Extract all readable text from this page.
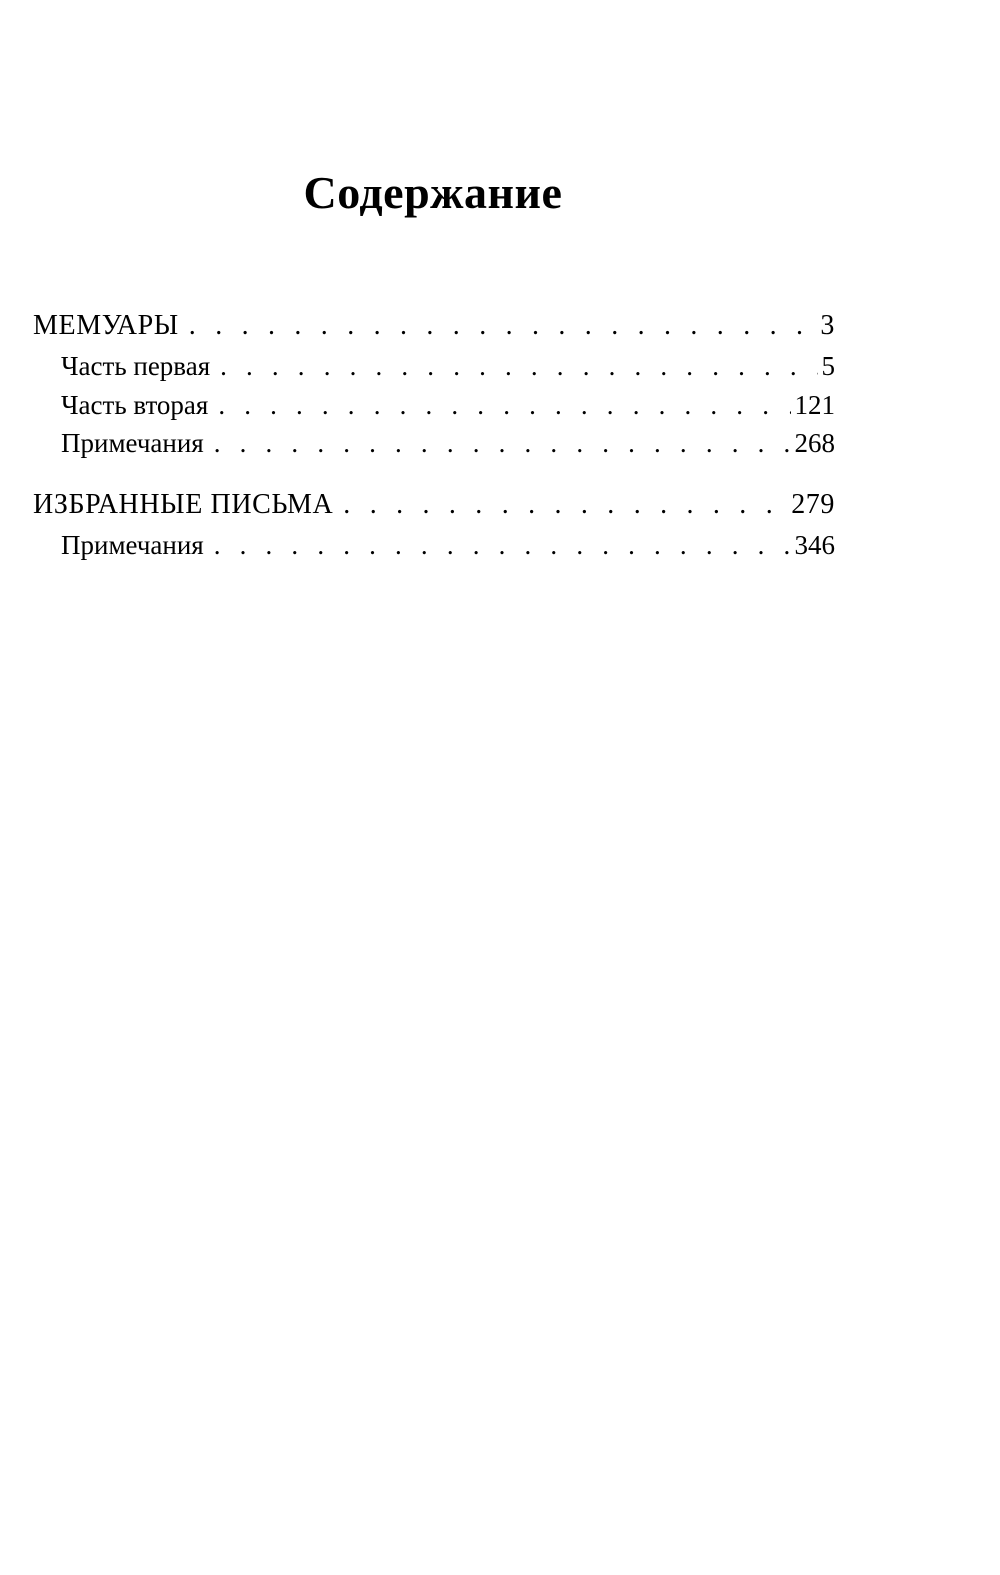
Содержание
МЕМУАРЫ . . .	3
Часть первая . . .	5
Часть вторая . . .	121
Примечания . . .	268
ИЗБРАННЫЕ ПИСЬМА . . .	279
Примечания . . .	346
